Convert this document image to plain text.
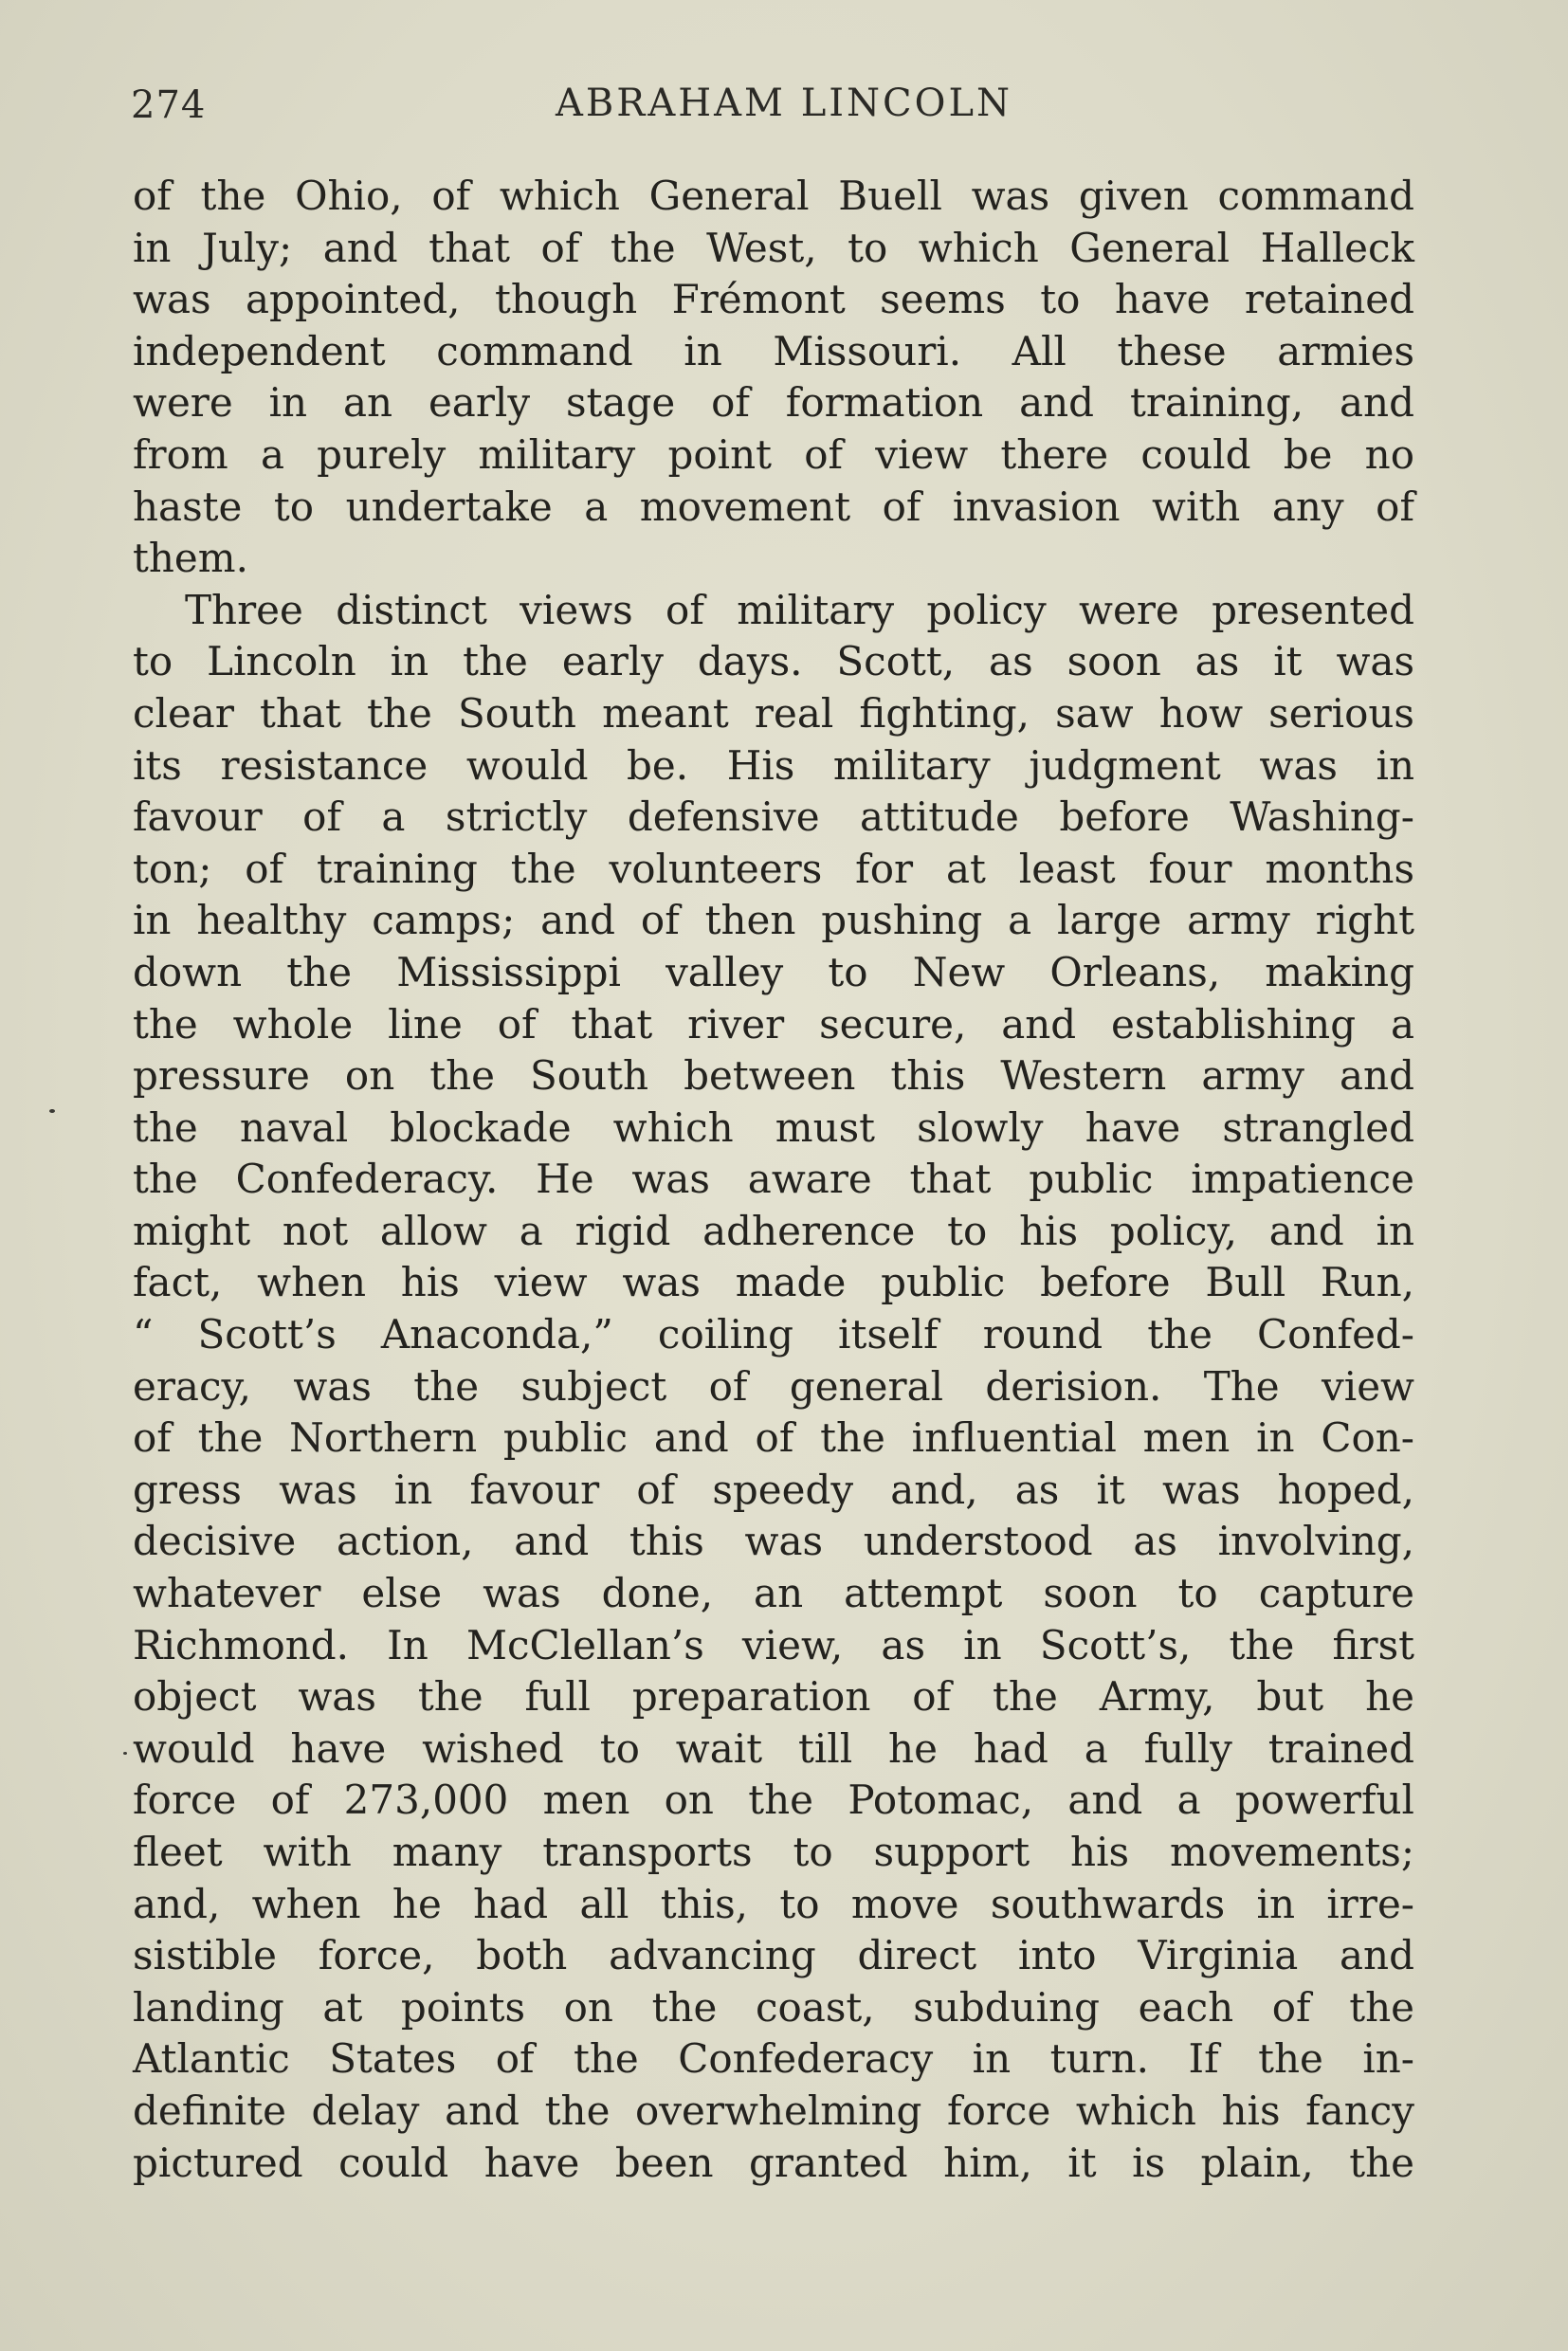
274	ABRAHAM LINCOLN
of the Ohio, of which General Buell was given command
in July; and that of the West, to which General Halleck
was appointed, though Frémont seems to have retained
independent command in Missouri. All these armies
were in an early stage of formation and training, and
from a purely military point of view there could be no
haste to undertake a movement of invasion with any of
them.
Three distinct views of military policy were presented
to Lincoln in the early days. Scott, as soon as it was
clear that the South meant real fighting, saw how serious
its resistance would be. His military judgment was in
favour of a strictly defensive attitude before Washing-
ton; of training the volunteers for at least four months
in healthy camps; and of then pushing a large army right
down the Mississippi valley to New Orleans, making
the whole line of that river secure, and establishing a
pressure on the South between this Western army and
the naval blockade which must slowly have strangled
the Confederacy. He was aware that public impatience
might not allow a rigid adherence to his policy, and in
fact, when his view was made public before Bull Run,
“ Scott’s Anaconda,” coiling itself round the Confed-
eracy, was the subject of general derision. The view
of the Northern public and of the influential men in Con-
gress was in favour of speedy and, as it was hoped,
decisive action, and this was understood as involving,
whatever else was done, an attempt soon to capture
Richmond. In McClellan’s view, as in Scott’s, the first
object was the full preparation of the Army, but he
would have wished to wait till he had a fully trained
force of 273,000 men on the Potomac, and a powerful
fleet with many transports to support his movements;
and, when he had all this, to move southwards in irre-
sistible force, both advancing direct into Virginia and
landing at points on the coast, subduing each of the
Atlantic States of the Confederacy in turn. If the in-
definite delay and the overwhelming force which his fancy
pictured could have been granted him, it is plain, the
